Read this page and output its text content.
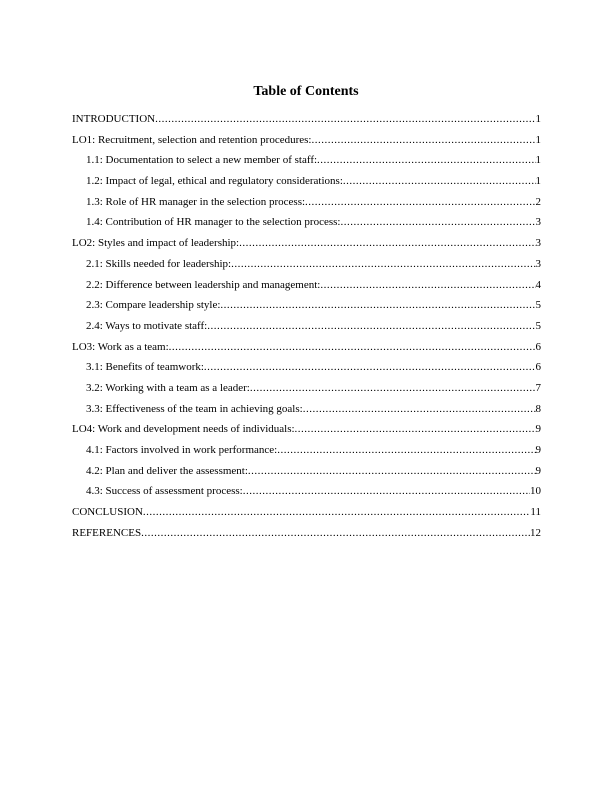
Table of Contents
INTRODUCTION .....	1
LO1: Recruitment, selection and retention procedures: .....	1
1.1: Documentation to select a new member of staff: .....	1
1.2: Impact of legal, ethical and regulatory considerations: .....	1
1.3: Role of HR manager in the selection process: .....	2
1.4: Contribution of HR manager to the selection process: .....	3
LO2: Styles and impact of leadership: .....	3
2.1: Skills needed for leadership: .....	3
2.2: Difference between leadership and management: .....	4
2.3: Compare leadership style: .....	5
2.4: Ways to motivate staff: .....	5
LO3: Work as a team: .....	6
3.1: Benefits of teamwork: .....	6
3.2: Working with a team as a leader: .....	7
3.3: Effectiveness of the team in achieving goals: .....	8
LO4: Work and development needs of individuals: .....	9
4.1: Factors involved in work performance: .....	9
4.2: Plan and deliver the assessment: .....	9
4.3: Success of assessment process: .....	10
CONCLUSION .....	11
REFERENCES .....	12
